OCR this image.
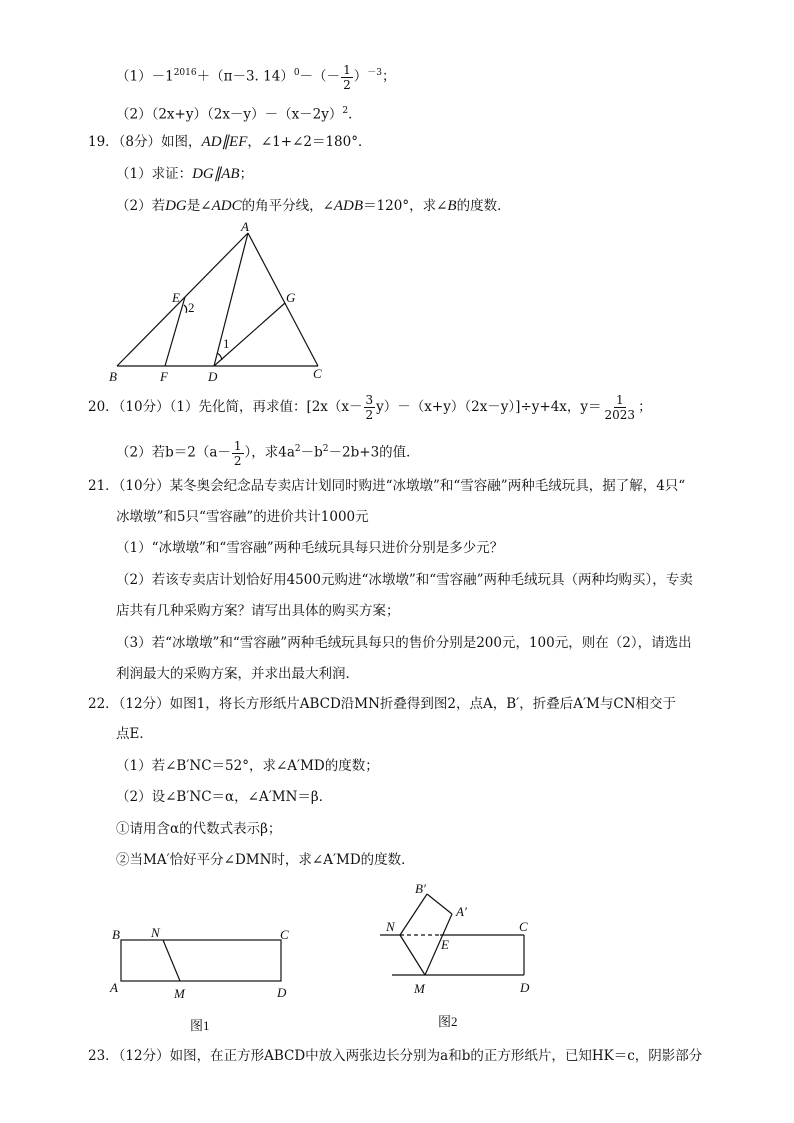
$(1)-1^{2016}+(\pi-3$. $14)^0-(- \frac{1}{2} )^{-3}$；
$(2)(2x+y)(2x-y)-(x-2y)^2$．
19．（8分）如图，AD∥EF，∠1+∠2＝180°．
（1）求证：DG∥AB；
（2）若DG是∠ADC的角平分线，∠ADB＝120°，求∠B的度数．
A
E
2
G
1
B	F	D	C
20．（10分）（1）先化简，再求值：$[2x(x- \frac{3}{2} y)-(x+y)(2x-y)]\div y+4x$，$y= \frac{1}{2023}$ ；
（2）若$b=2(a- \frac{1}{2}$ ），求$4a^2-b^2-2b+3$的值．
21．（10分）某冬奥会纪念品专卖店计划同时购进“冰墩墩”和“雪容融”两种毛绒玩具，据了解，4只“
冰墩墩”和5只“雪容融”的进价共计1000元
（1）“冰墩墩”和“雪容融”两种毛绒玩具每只进价分别是多少元？
（2）若该专卖店计划恰好用4500元购进“冰墩墩”和“雪容融”两种毛绒玩具（两种均购买），专卖
店共有几种采购方案？请写出具体的购买方案；
（3）若“冰墩墩”和“雪容融”两种毛绒玩具每只的售价分别是200元，100元，则在（2），请选出
利润最大的采购方案，并求出最大利润．
22．（12分）如图1，将长方形纸片ABCD沿MN折叠得到图2，点A，B′，折叠后A′M与CN相交于
点E．
（1）若∠B′NC＝52°，求∠A′MD的度数；
（2）设∠B′NC＝α，∠A′MN＝β．
①请用含α的代数式表示β；
②当MA′恰好平分∠DMN时，求∠A′MD的度数．
B N	C
A	M	D
图1
B′
A′
N
E
C
M	D
图2
23．（12分）如图，在正方形ABCD中放入两张边长分别为a和b的正方形纸片，已知HK＝c，阴影部分
